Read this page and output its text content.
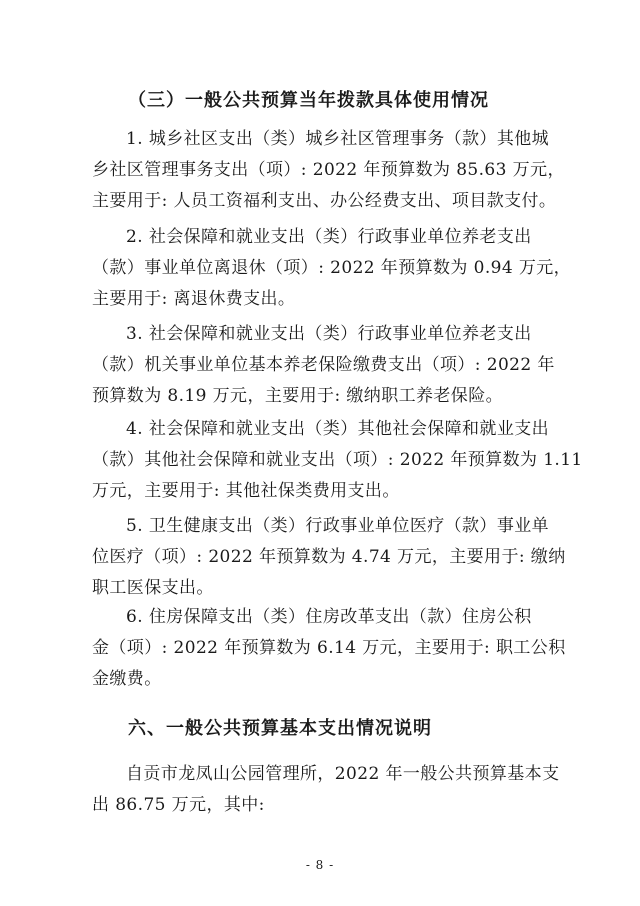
（三）一般公共预算当年拨款具体使用情况
1. 城乡社区支出（类）城乡社区管理事务（款）其他城
乡社区管理事务支出（项）: 2022 年预算数为 85.63 万元，
主要用于: 人员工资福利支出、办公经费支出、项目款支付。
2. 社会保障和就业支出（类）行政事业单位养老支出
（款）事业单位离退休（项）: 2022 年预算数为 0.94 万元，
主要用于: 离退休费支出。
3. 社会保障和就业支出（类）行政事业单位养老支出
（款）机关事业单位基本养老保险缴费支出（项）: 2022 年
预算数为 8.19 万元，主要用于: 缴纳职工养老保险。
4. 社会保障和就业支出（类）其他社会保障和就业支出
（款）其他社会保障和就业支出（项）: 2022 年预算数为 1.11
万元，主要用于: 其他社保类费用支出。
5. 卫生健康支出（类）行政事业单位医疗（款）事业单
位医疗（项）: 2022 年预算数为 4.74 万元，主要用于: 缴纳
职工医保支出。
6. 住房保障支出（类）住房改革支出（款）住房公积
金（项）: 2022 年预算数为 6.14 万元，主要用于: 职工公积
金缴费。
六、一般公共预算基本支出情况说明
自贡市龙凤山公园管理所，2022 年一般公共预算基本支
出 86.75 万元，其中:
- 8 -
